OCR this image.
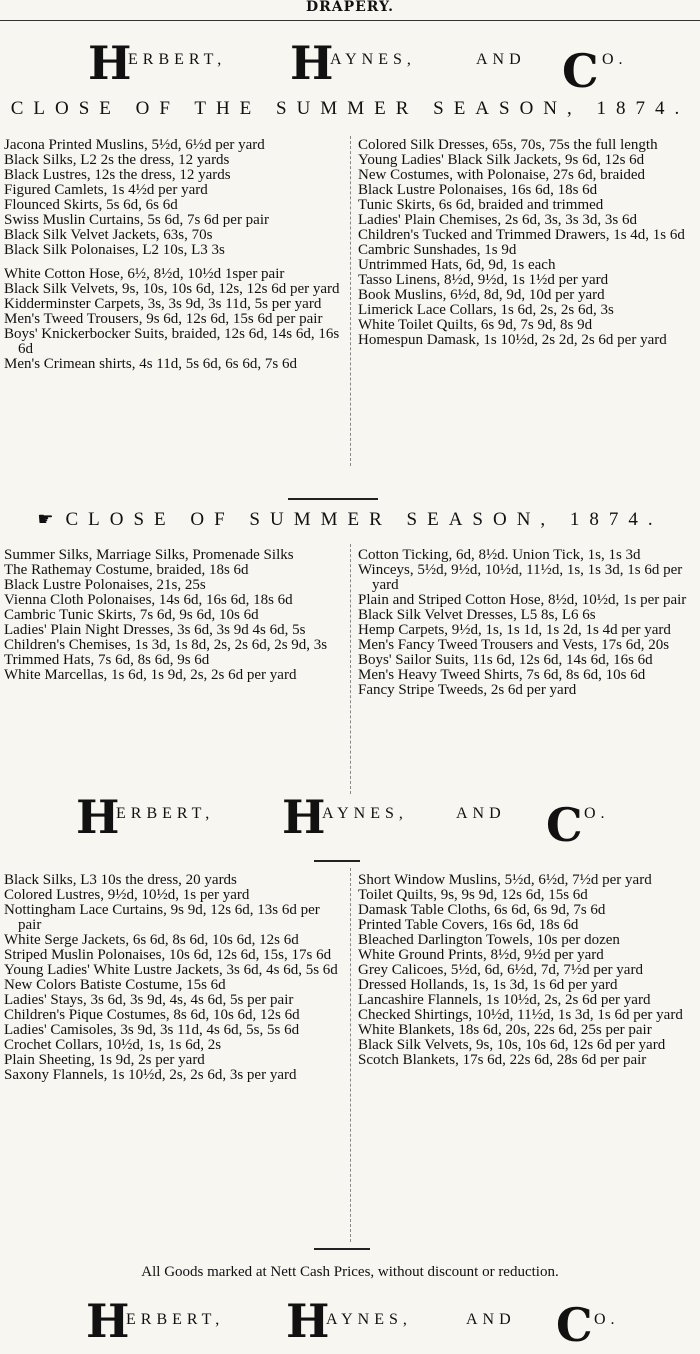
DRAPERY.
H
ERBERT, H
AYNES,	AND C O.
CLOSE OF THE SUMMER SEASON, 1874.

Jacona Printed Muslins, 5½d, 6½d per yard

Black Silks, L2 2s the dress, 12 yards

Black Lustres, 12s the dress, 12 yards

Figured Camlets, 1s 4½d per yard

Flounced Skirts, 5s 6d, 6s 6d

Swiss Muslin Curtains, 5s 6d, 7s 6d per pair

Black Silk Velvet Jackets, 63s, 70s

Black Silk Polonaises, L2 10s, L3 3s

White Cotton Hose, 6½, 8½d, 10½d 1sper pair

Black Silk Velvets, 9s, 10s, 10s 6d, 12s, 12s 6d per yard

Kidderminster Carpets, 3s, 3s 9d, 3s 11d, 5s per yard

Men's Tweed Trousers, 9s 6d, 12s 6d, 15s 6d per pair

Boys' Knickerbocker Suits, braided, 12s 6d, 14s 6d, 16s 6d

Men's Crimean shirts, 4s 11d, 5s 6d, 6s 6d, 7s 6d

Colored Silk Dresses, 65s, 70s, 75s the full length

Young Ladies' Black Silk Jackets, 9s 6d, 12s 6d

New Costumes, with Polonaise, 27s 6d, braided

Black Lustre Polonaises, 16s 6d, 18s 6d

Tunic Skirts, 6s 6d, braided and trimmed

Ladies' Plain Chemises, 2s 6d, 3s, 3s 3d, 3s 6d

Children's Tucked and Trimmed Drawers, 1s 4d, 1s 6d

Cambric Sunshades, 1s 9d

Untrimmed Hats, 6d, 9d, 1s each

Tasso Linens, 8½d, 9½d, 1s 1½d per yard

Book Muslins, 6½d, 8d, 9d, 10d per yard

Limerick Lace Collars, 1s 6d, 2s, 2s 6d, 3s

White Toilet Quilts, 6s 9d, 7s 9d, 8s 9d

Homespun Damask, 1s 10½d, 2s 2d, 2s 6d per yard

☛ CLOSE OF SUMMER SEASON, 1874.

Summer Silks, Marriage Silks, Promenade Silks

The Rathemay Costume, braided, 18s 6d

Black Lustre Polonaises, 21s, 25s

Vienna Cloth Polonaises, 14s 6d, 16s 6d, 18s 6d

Cambric Tunic Skirts, 7s 6d, 9s 6d, 10s 6d

Ladies' Plain Night Dresses, 3s 6d, 3s 9d 4s 6d, 5s

Children's Chemises, 1s 3d, 1s 8d, 2s, 2s 6d, 2s 9d, 3s

Trimmed Hats, 7s 6d, 8s 6d, 9s 6d

White Marcellas, 1s 6d, 1s 9d, 2s, 2s 6d per yard

Cotton Ticking, 6d, 8½d. Union Tick, 1s, 1s 3d

Winceys, 5½d, 9½d, 10½d, 11½d, 1s, 1s 3d, 1s 6d per yard

Plain and Striped Cotton Hose, 8½d, 10½d, 1s per pair

Black Silk Velvet Dresses, L5 8s, L6 6s

Hemp Carpets, 9½d, 1s, 1s 1d, 1s 2d, 1s 4d per yard

Men's Fancy Tweed Trousers and Vests, 17s 6d, 20s

Boys' Sailor Suits, 11s 6d, 12s 6d, 14s 6d, 16s 6d

Men's Heavy Tweed Shirts, 7s 6d, 8s 6d, 10s 6d

Fancy Stripe Tweeds, 2s 6d per yard

H
ERBERT, H
AYNES,	AND C O.

Black Silks, L3 10s the dress, 20 yards

Colored Lustres, 9½d, 10½d, 1s per yard

Nottingham Lace Curtains, 9s 9d, 12s 6d, 13s 6d per pair

White Serge Jackets, 6s 6d, 8s 6d, 10s 6d, 12s 6d

Striped Muslin Polonaises, 10s 6d, 12s 6d, 15s, 17s 6d

Young Ladies' White Lustre Jackets, 3s 6d, 4s 6d, 5s 6d

New Colors Batiste Costume, 15s 6d

Ladies' Stays, 3s 6d, 3s 9d, 4s, 4s 6d, 5s per pair

Children's Pique Costumes, 8s 6d, 10s 6d, 12s 6d

Ladies' Camisoles, 3s 9d, 3s 11d, 4s 6d, 5s, 5s 6d

Crochet Collars, 10½d, 1s, 1s 6d, 2s

Plain Sheeting, 1s 9d, 2s per yard

Saxony Flannels, 1s 10½d, 2s, 2s 6d, 3s per yard

Short Window Muslins, 5½d, 6½d, 7½d per yard

Toilet Quilts, 9s, 9s 9d, 12s 6d, 15s 6d

Damask Table Cloths, 6s 6d, 6s 9d, 7s 6d

Printed Table Covers, 16s 6d, 18s 6d

Bleached Darlington Towels, 10s per dozen

White Ground Prints, 8½d, 9½d per yard

Grey Calicoes, 5½d, 6d, 6½d, 7d, 7½d per yard

Dressed Hollands, 1s, 1s 3d, 1s 6d per yard

Lancashire Flannels, 1s 10½d, 2s, 2s 6d per yard

Checked Shirtings, 10½d, 11½d, 1s 3d, 1s 6d per yard

White Blankets, 18s 6d, 20s, 22s 6d, 25s per pair

Black Silk Velvets, 9s, 10s, 10s 6d, 12s 6d per yard

Scotch Blankets, 17s 6d, 22s 6d, 28s 6d per pair

All Goods marked at Nett Cash Prices, without discount or reduction.
H
ERBERT, H
AYNES,	AND C O.
